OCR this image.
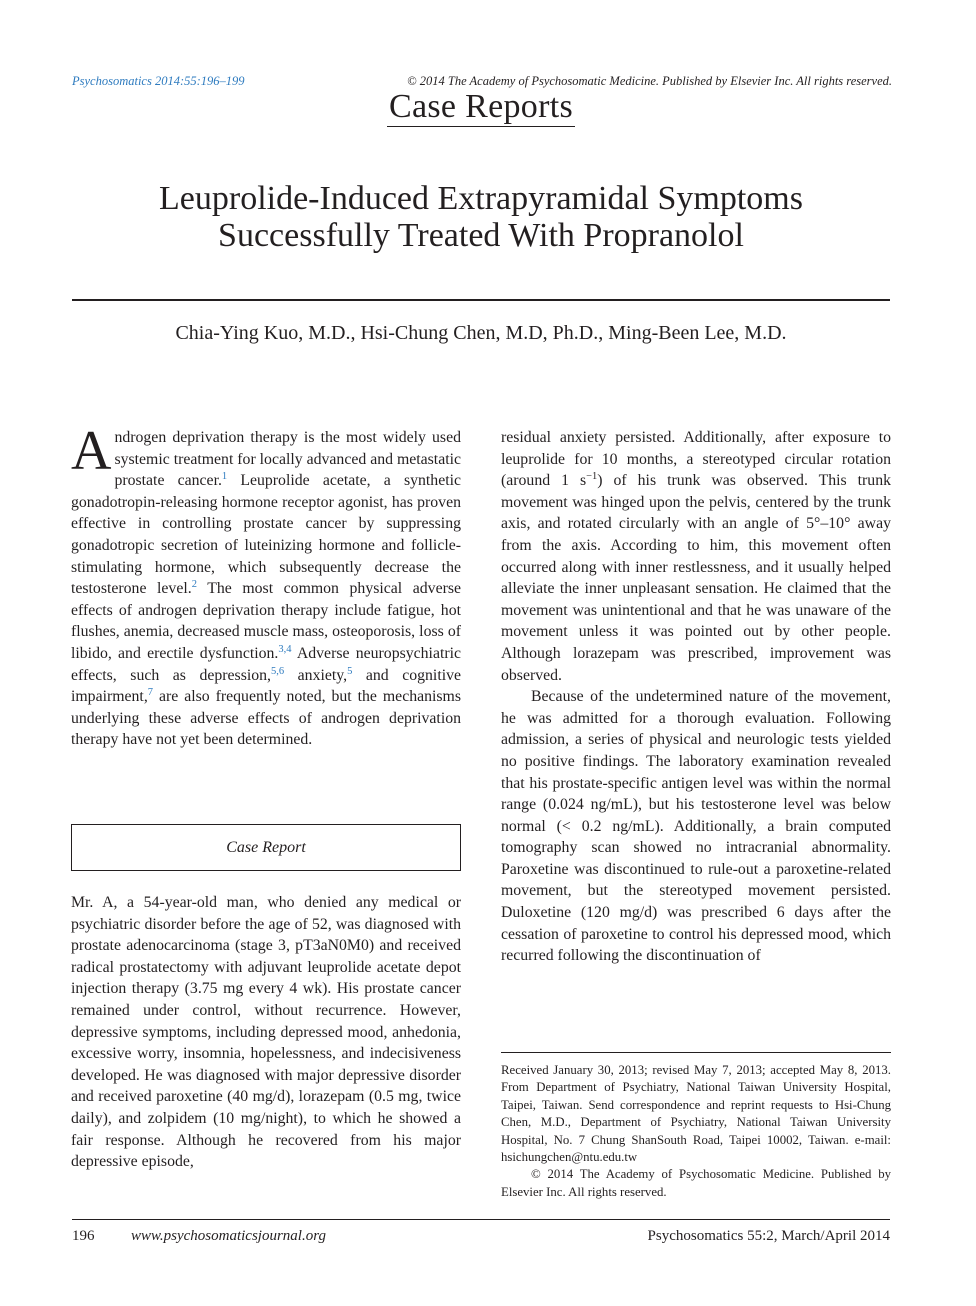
Psychosomatics 2014:55:196–199	© 2014 The Academy of Psychosomatic Medicine. Published by Elsevier Inc. All rights reserved.
Case Reports
Leuprolide-Induced Extrapyramidal Symptoms
Successfully Treated With Propranolol
Chia-Ying Kuo, M.D., Hsi-Chung Chen, M.D, Ph.D., Ming-Been Lee, M.D.

Androgen deprivation therapy is the most widely used systemic treatment for locally advanced and metastatic prostate cancer.$^1$ Leuprolide acetate, a synthetic gonadotropin-releasing hormone receptor agonist, has proven effective in controlling prostate cancer by suppressing gonadotropic secretion of luteinizing hormone and follicle-stimulating hormone, which subsequently decrease the testosterone level.$^2$ The most common physical adverse effects of androgen deprivation therapy include fatigue, hot flushes, anemia, decreased muscle mass, osteoporosis, loss of libido, and erectile dysfunction.$^{3,4}$ Adverse neuropsychiatric effects, such as depression,$^{5,6}$ anxiety,$^5$ and cognitive impairment,$^7$ are also frequently noted, but the mechanisms underlying these adverse effects of androgen deprivation therapy have not yet been determined.

Case Report

Mr. A, a 54-year-old man, who denied any medical or psychiatric disorder before the age of 52, was diagnosed with prostate adenocarcinoma (stage 3, pT3aN0M0) and received radical prostatectomy with adjuvant leuprolide acetate depot injection therapy (3.75 mg every 4 wk). His prostate cancer remained under control, without recurrence. However, depressive symptoms, including depressed mood, anhedonia, excessive worry, insomnia, hopelessness, and indecisiveness developed. He was diagnosed with major depressive disorder and received paroxetine (40 mg/d), lorazepam (0.5 mg, twice daily), and zolpidem (10 mg/night), to which he showed a fair response. Although he recovered from his major depressive episode,

residual anxiety persisted. Additionally, after exposure to leuprolide for 10 months, a stereotyped circular rotation (around 1 $s^{-1}$) of his trunk was observed. This trunk movement was hinged upon the pelvis, centered by the trunk axis, and rotated circularly with an angle of 5°–10° away from the axis. According to him, this movement often occurred along with inner restlessness, and it usually helped alleviate the inner unpleasant sensation. He claimed that the movement was unintentional and that he was unaware of the movement unless it was pointed out by other people. Although lorazepam was prescribed, improvement was observed.

Because of the undetermined nature of the movement, he was admitted for a thorough evaluation. Following admission, a series of physical and neurologic tests yielded no positive findings. The laboratory examination revealed that his prostate-specific antigen level was within the normal range (0.024 ng/mL), but his testosterone level was below normal (< 0.2 ng/mL). Additionally, a brain computed tomography scan showed no intracranial abnormality. Paroxetine was discontinued to rule-out a paroxetine-related movement, but the stereotyped movement persisted. Duloxetine (120 mg/d) was prescribed 6 days after the cessation of paroxetine to control his depressed mood, which recurred following the discontinuation of

Received January 30, 2013; revised May 7, 2013; accepted May 8, 2013. From Department of Psychiatry, National Taiwan University Hospital, Taipei, Taiwan. Send correspondence and reprint requests to Hsi-Chung Chen, M.D., Department of Psychiatry, National Taiwan University Hospital, No. 7 Chung ShanSouth Road, Taipei 10002, Taiwan. e-mail: hsichungchen@ntu.edu.tw

© 2014 The Academy of Psychosomatic Medicine. Published by Elsevier Inc. All rights reserved.

196 www.psychosomaticsjournal.org	Psychosomatics 55:2, March/April 2014
